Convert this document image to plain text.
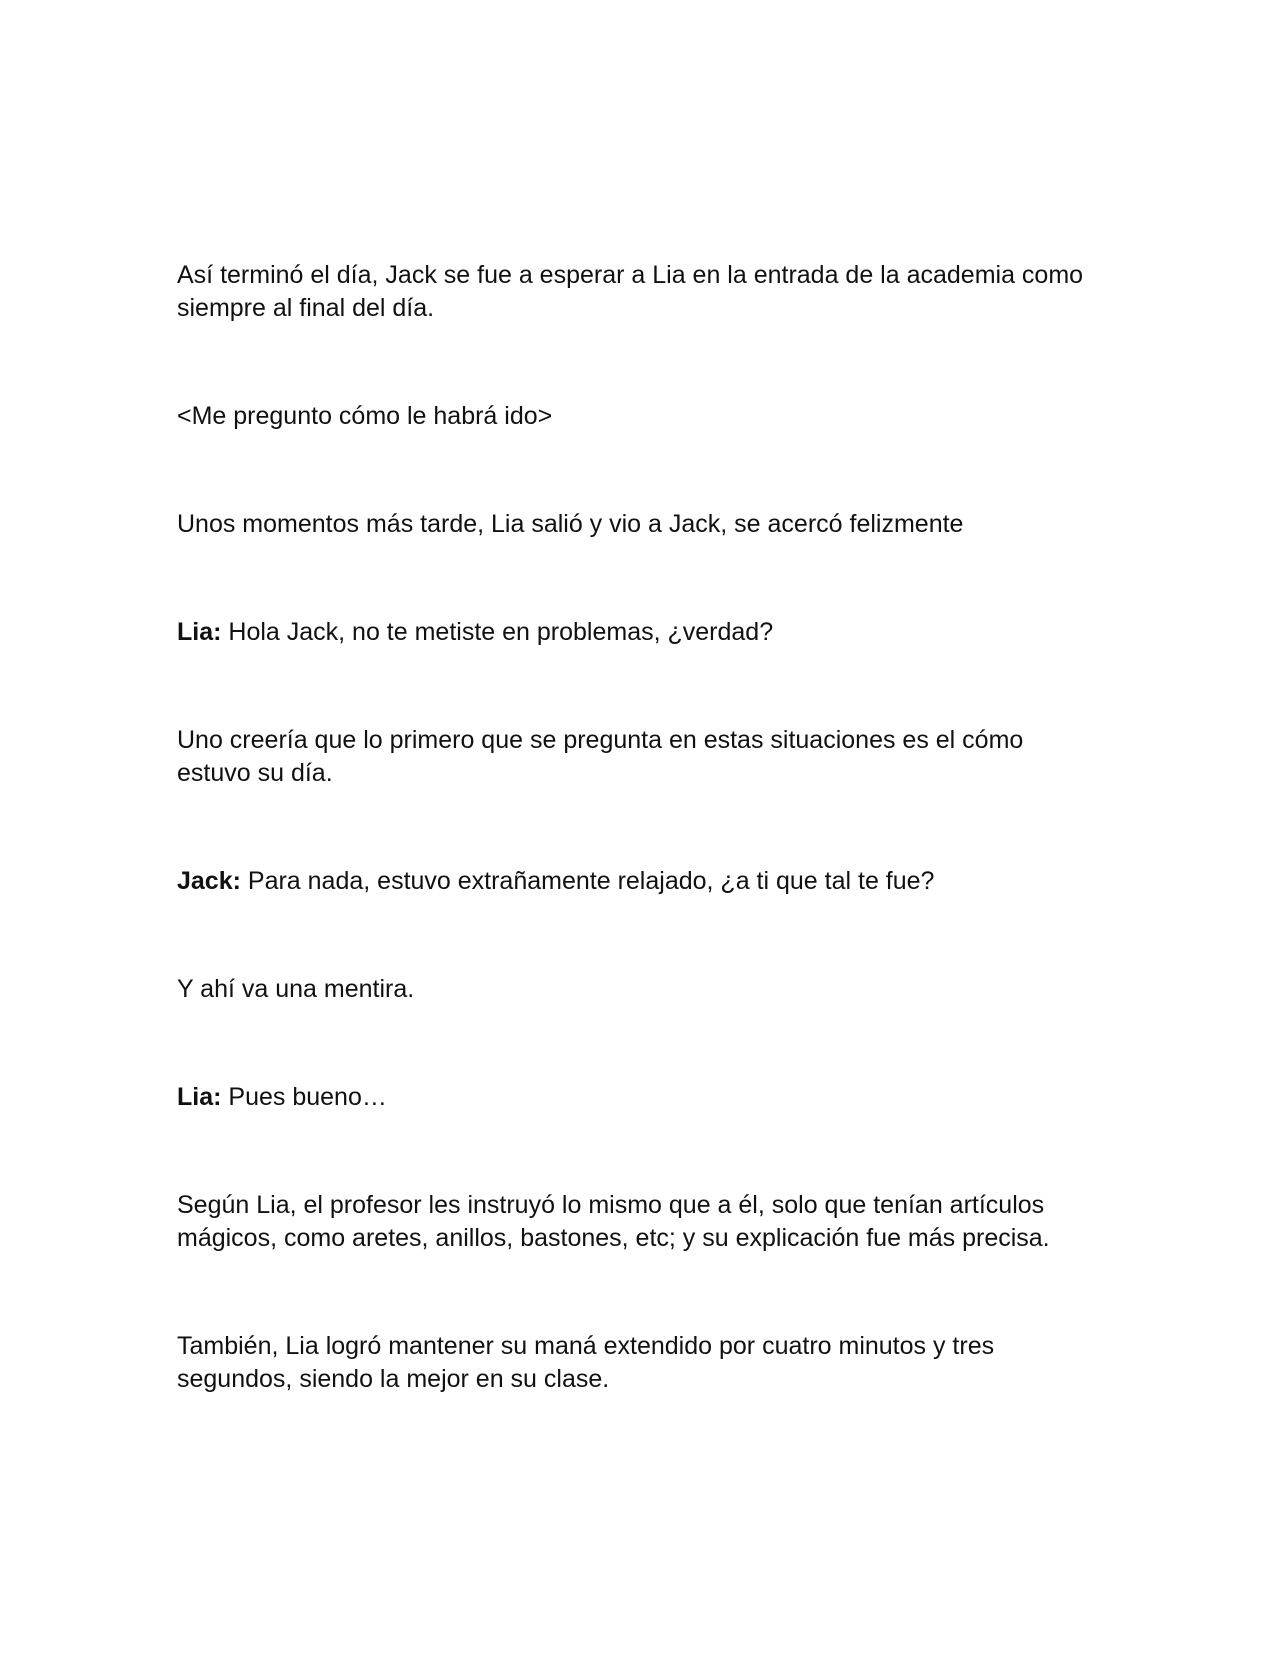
Así terminó el día, Jack se fue a esperar a Lia en la entrada de la academia como siempre al final del día.

<Me pregunto cómo le habrá ido>

Unos momentos más tarde, Lia salió y vio a Jack, se acercó felizmente

Lia: Hola Jack, no te metiste en problemas, ¿verdad?

Uno creería que lo primero que se pregunta en estas situaciones es el cómo estuvo su día.

Jack: Para nada, estuvo extrañamente relajado, ¿a ti que tal te fue?

Y ahí va una mentira.

Lia: Pues bueno…

Según Lia, el profesor les instruyó lo mismo que a él, solo que tenían artículos mágicos, como aretes, anillos, bastones, etc; y su explicación fue más precisa.

También, Lia logró mantener su maná extendido por cuatro minutos y tres segundos, siendo la mejor en su clase.
